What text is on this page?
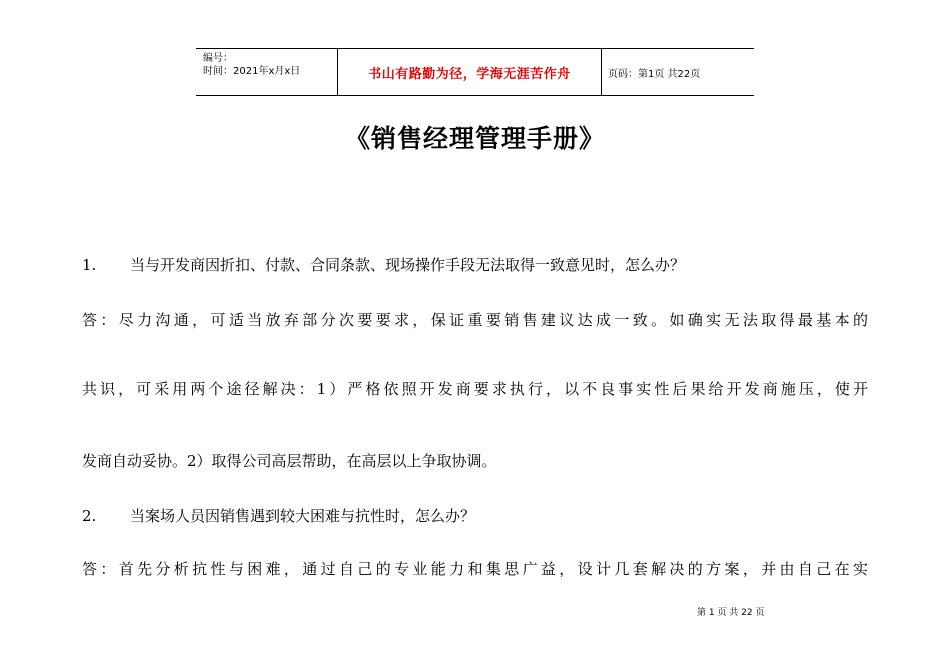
编号：
时间：2021年x月x日	书山有路勤为径，学海无涯苦作舟	页码：第1页 共22页
《销售经理管理手册》
1. 当与开发商因折扣、付款、合同条款、现场操作手段无法取得一致意见时，怎么办？
答：尽力沟通，可适当放弃部分次要要求，保证重要销售建议达成一致。如确实无法取得最基本的
共识，可采用两个途径解决：1）严格依照开发商要求执行，以不良事实性后果给开发商施压，使开
发商自动妥协。2）取得公司高层帮助，在高层以上争取协调。
2. 当案场人员因销售遇到较大困难与抗性时，怎么办？
答：首先分析抗性与困难，通过自己的专业能力和集思广益，设计几套解决的方案，并由自己在实
第 1 页 共 22 页
